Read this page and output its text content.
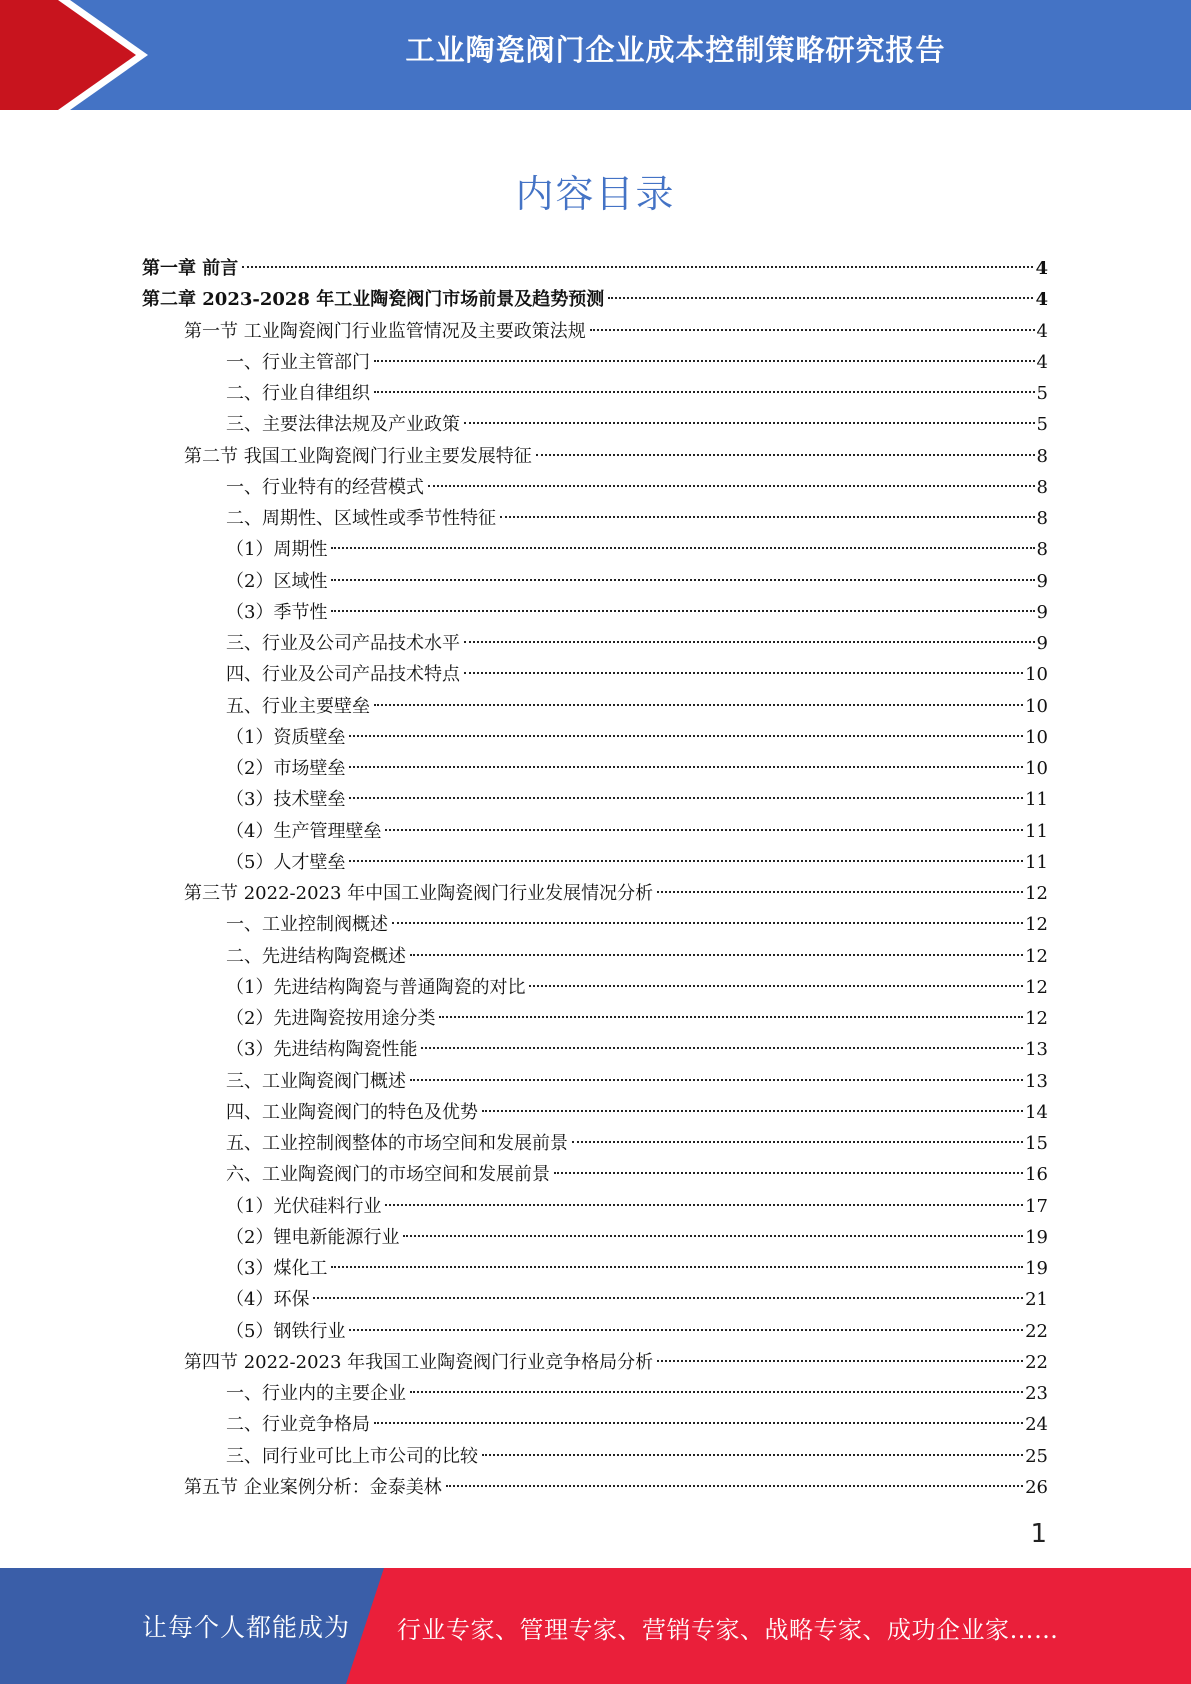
工业陶瓷阀门企业成本控制策略研究报告
内容目录
第一章 前言	4
第二章 2023-2028 年工业陶瓷阀门市场前景及趋势预测	4
第一节 工业陶瓷阀门行业监管情况及主要政策法规	4
一、行业主管部门	4
二、行业自律组织	5
三、主要法律法规及产业政策	5
第二节 我国工业陶瓷阀门行业主要发展特征	8
一、行业特有的经营模式	8
二、周期性、区域性或季节性特征	8
（1）周期性	8
（2）区域性	9
（3）季节性	9
三、行业及公司产品技术水平	9
四、行业及公司产品技术特点	10
五、行业主要壁垒	10
（1）资质壁垒	10
（2）市场壁垒	10
（3）技术壁垒	11
（4）生产管理壁垒	11
（5）人才壁垒	11
第三节 2022-2023 年中国工业陶瓷阀门行业发展情况分析	12
一、工业控制阀概述	12
二、先进结构陶瓷概述	12
（1）先进结构陶瓷与普通陶瓷的对比	12
（2）先进陶瓷按用途分类	12
（3）先进结构陶瓷性能	13
三、工业陶瓷阀门概述	13
四、工业陶瓷阀门的特色及优势	14
五、工业控制阀整体的市场空间和发展前景	15
六、工业陶瓷阀门的市场空间和发展前景	16
（1）光伏硅料行业	17
（2）锂电新能源行业	19
（3）煤化工	19
（4）环保	21
（5）钢铁行业	22
第四节 2022-2023 年我国工业陶瓷阀门行业竞争格局分析	22
一、行业内的主要企业	23
二、行业竞争格局	24
三、同行业可比上市公司的比较	25
第五节 企业案例分析：金泰美林	26
1
让每个人都能成为 行业专家、管理专家、营销专家、战略专家、成功企业家……
